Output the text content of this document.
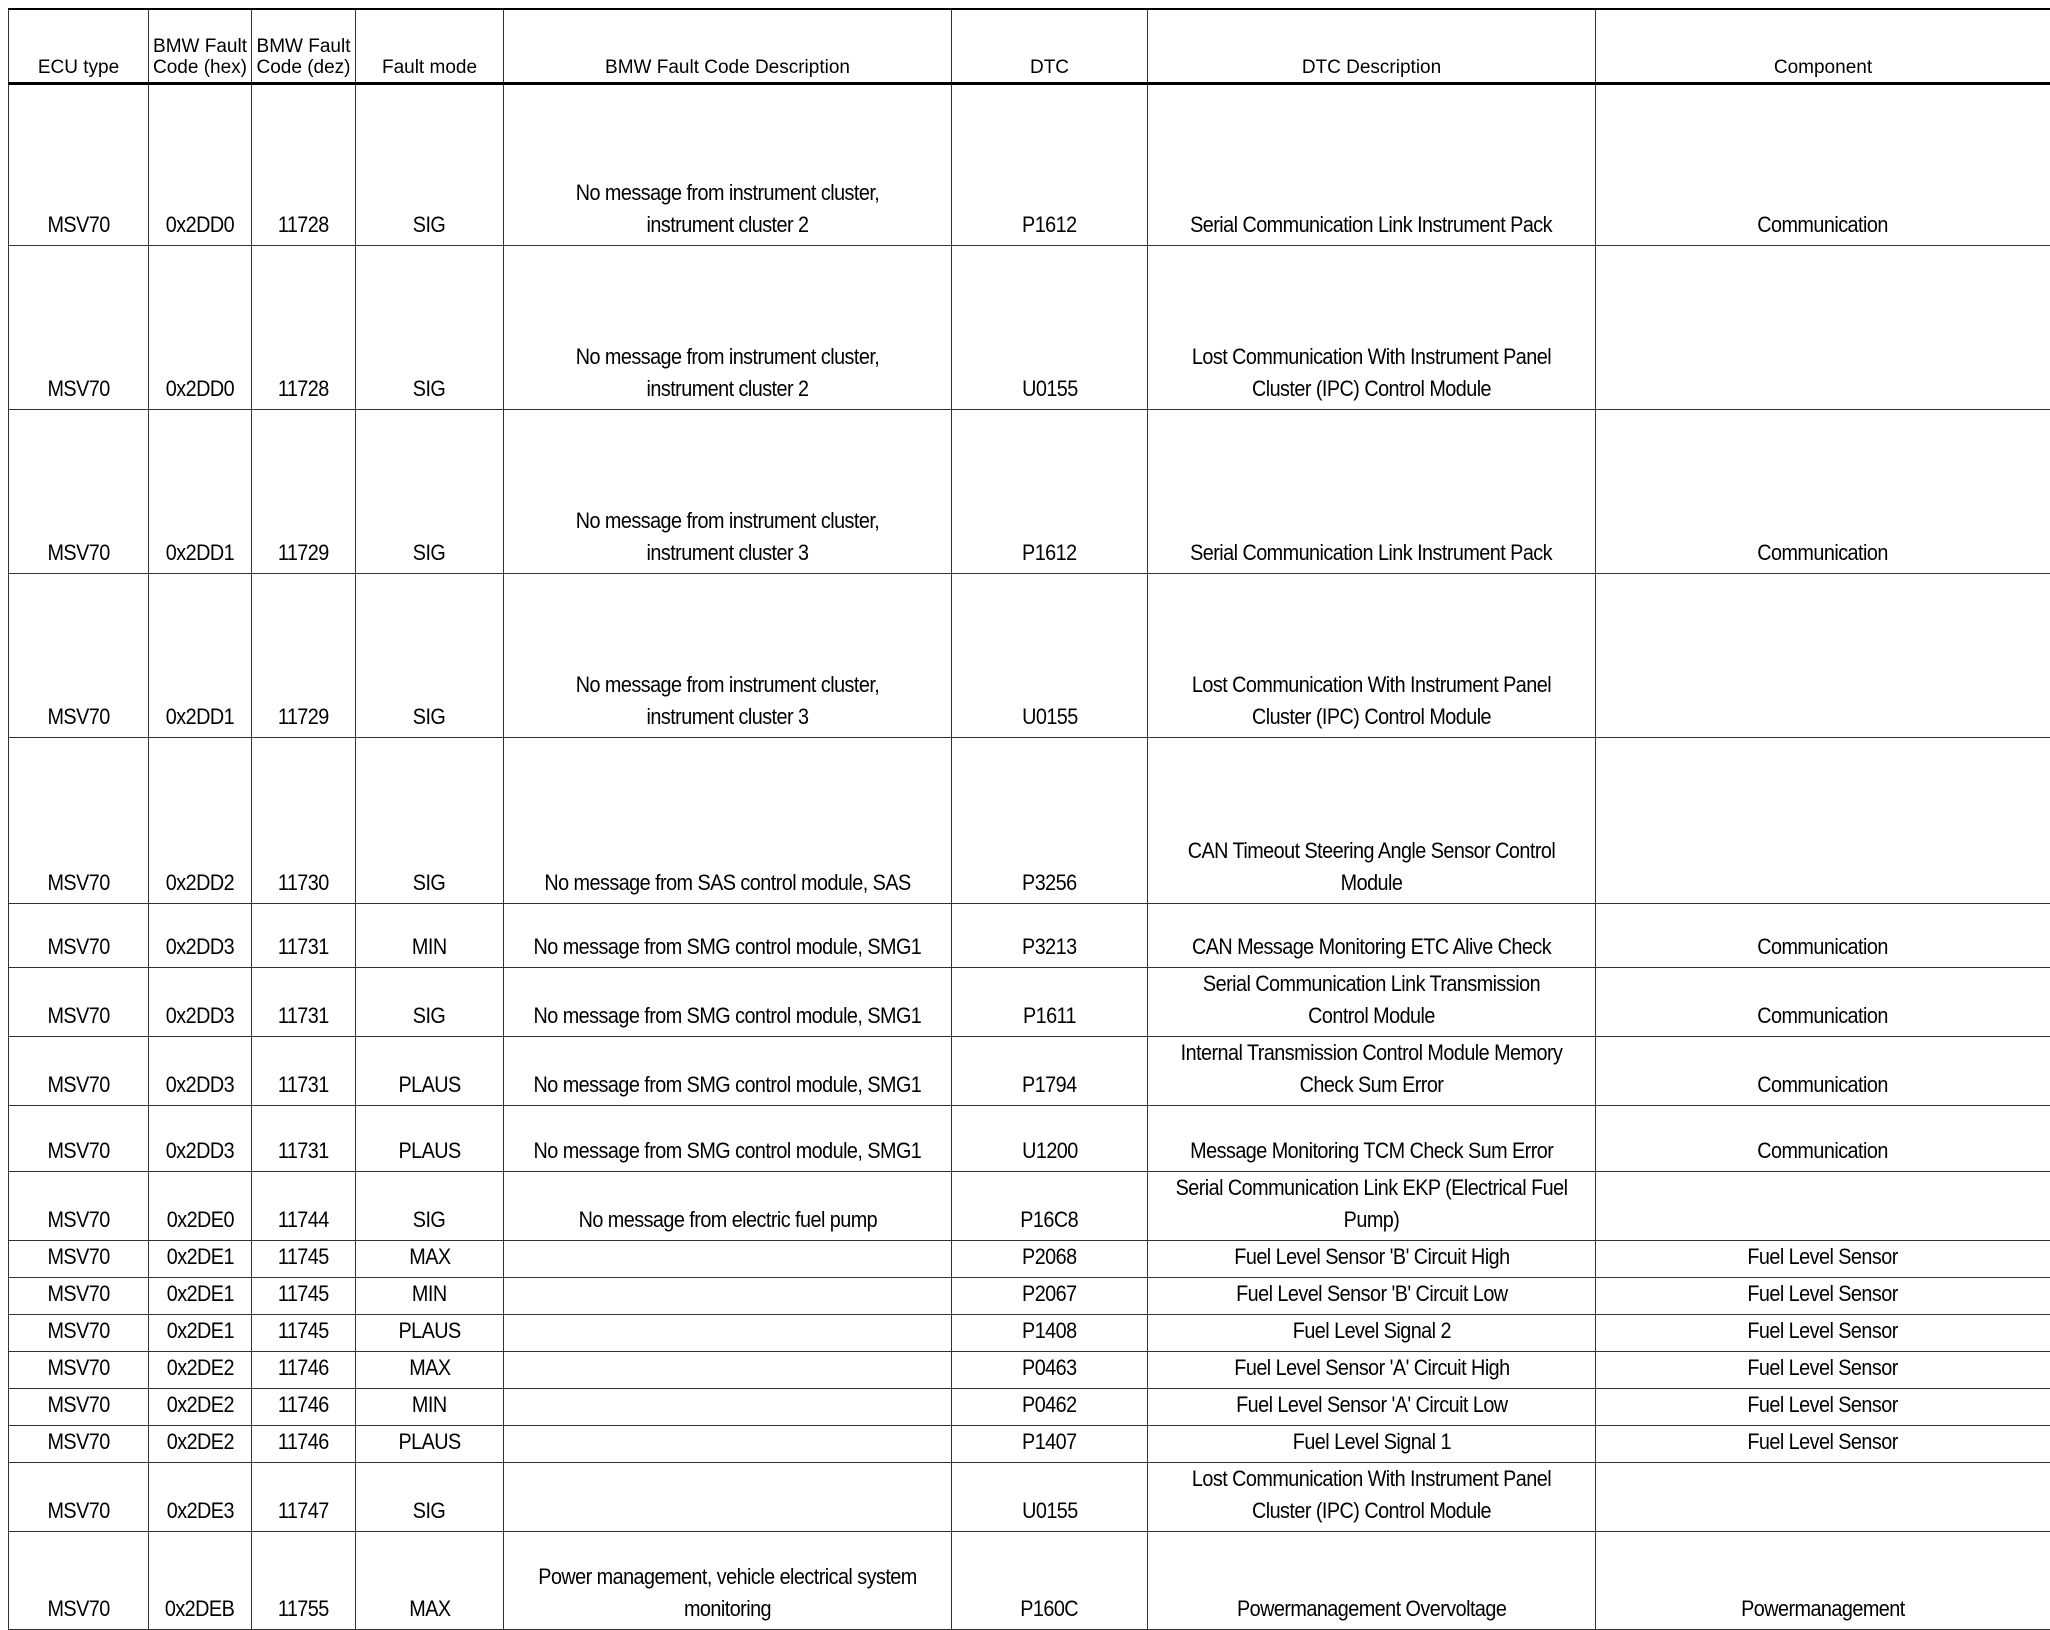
ECU type	BMW Fault Code (hex)	BMW Fault Code (dez)	Fault mode	BMW Fault Code Description	DTC	DTC Description	Component
MSV70	0x2DD0	11728	SIG	No message from instrument cluster, instrument cluster 2	P1612	Serial Communication Link Instrument Pack	Communication
MSV70	0x2DD0	11728	SIG	No message from instrument cluster, instrument cluster 2	U0155	Lost Communication With Instrument Panel Cluster (IPC) Control Module	
MSV70	0x2DD1	11729	SIG	No message from instrument cluster, instrument cluster 3	P1612	Serial Communication Link Instrument Pack	Communication
MSV70	0x2DD1	11729	SIG	No message from instrument cluster, instrument cluster 3	U0155	Lost Communication With Instrument Panel Cluster (IPC) Control Module	
MSV70	0x2DD2	11730	SIG	No message from SAS control module, SAS	P3256	CAN Timeout Steering Angle Sensor Control Module	
MSV70	0x2DD3	11731	MIN	No message from SMG control module, SMG1	P3213	CAN Message Monitoring ETC Alive Check	Communication
MSV70	0x2DD3	11731	SIG	No message from SMG control module, SMG1	P1611	Serial Communication Link Transmission Control Module	Communication
MSV70	0x2DD3	11731	PLAUS	No message from SMG control module, SMG1	P1794	Internal Transmission Control Module Memory Check Sum Error	Communication
MSV70	0x2DD3	11731	PLAUS	No message from SMG control module, SMG1	U1200	Message Monitoring TCM Check Sum Error	Communication
MSV70	0x2DE0	11744	SIG	No message from electric fuel pump	P16C8	Serial Communication Link EKP (Electrical Fuel Pump)	
MSV70	0x2DE1	11745	MAX		P2068	Fuel Level Sensor 'B' Circuit High	Fuel Level Sensor
MSV70	0x2DE1	11745	MIN		P2067	Fuel Level Sensor 'B' Circuit Low	Fuel Level Sensor
MSV70	0x2DE1	11745	PLAUS		P1408	Fuel Level Signal 2	Fuel Level Sensor
MSV70	0x2DE2	11746	MAX		P0463	Fuel Level Sensor 'A' Circuit High	Fuel Level Sensor
MSV70	0x2DE2	11746	MIN		P0462	Fuel Level Sensor 'A' Circuit Low	Fuel Level Sensor
MSV70	0x2DE2	11746	PLAUS		P1407	Fuel Level Signal 1	Fuel Level Sensor
MSV70	0x2DE3	11747	SIG		U0155	Lost Communication With Instrument Panel Cluster (IPC) Control Module	
MSV70	0x2DEB	11755	MAX	Power management, vehicle electrical system monitoring	P160C	Powermanagement Overvoltage	Powermanagement
